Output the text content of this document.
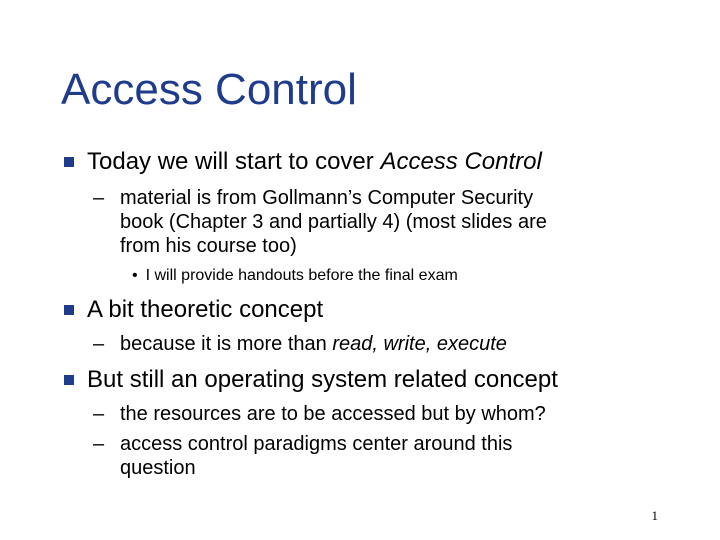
Access Control
Today we will start to cover Access Control
– material is from Gollmann’s Computer Security
book (Chapter 3 and partially 4) (most slides are
from his course too)
• I will provide handouts before the final exam
A bit theoretic concept
– because it is more than read, write, execute
But still an operating system related concept
– the resources are to be accessed but by whom?
– access control paradigms center around this
question
1
